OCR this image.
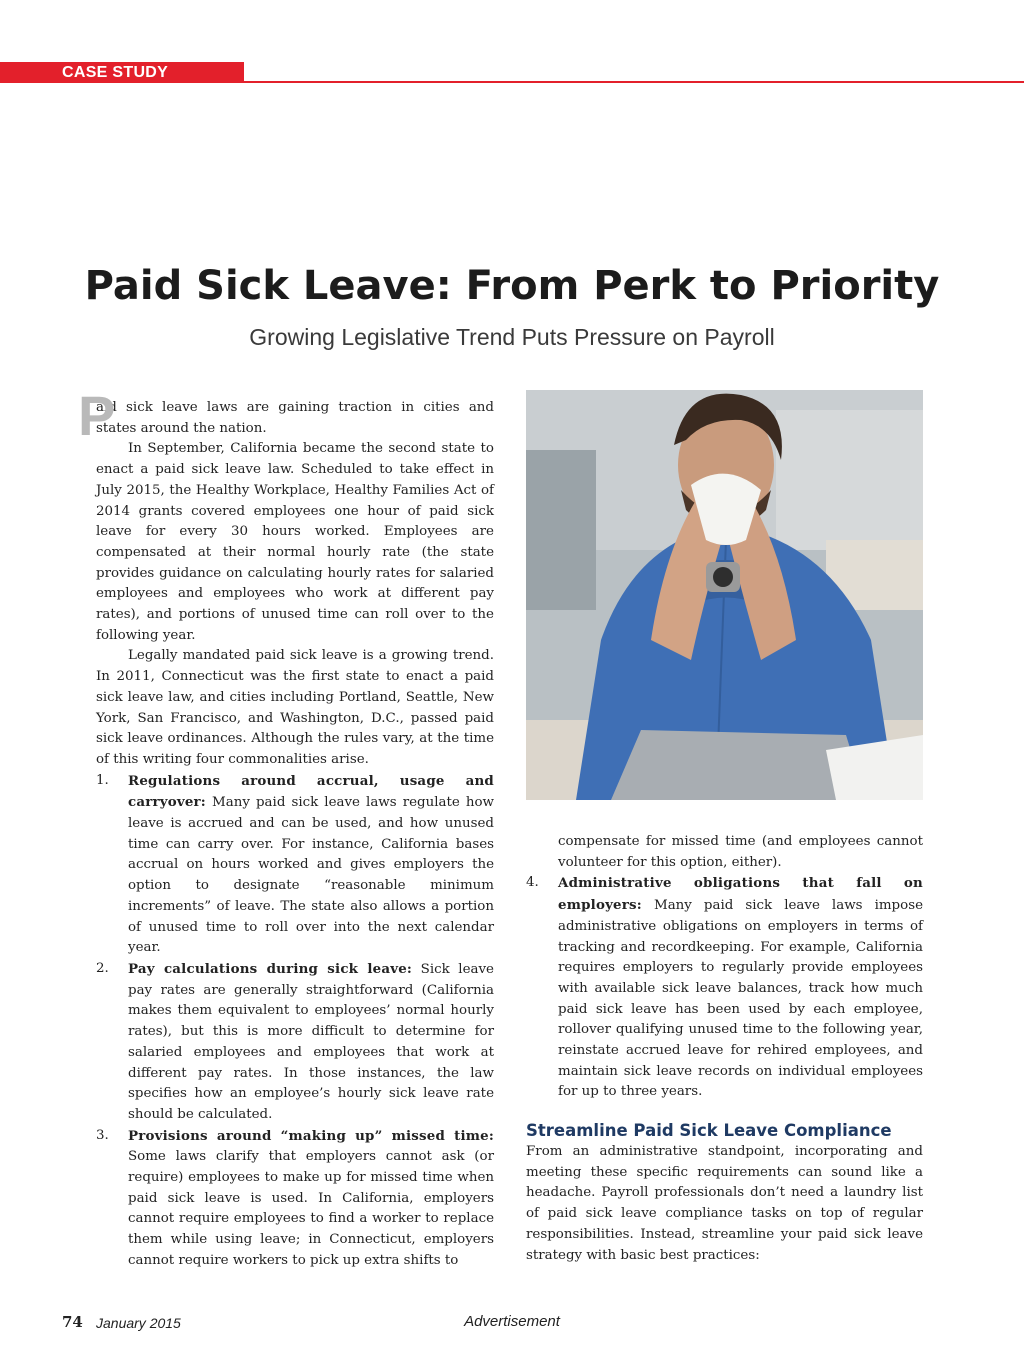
CASE STUDY
Paid Sick Leave: From Perk to Priority
Growing Legislative Trend Puts Pressure on Payroll

P
aid sick leave laws are gaining traction in cities and states around the nation.

In September, California became the second state to enact a paid sick leave law. Scheduled to take effect in July 2015, the Healthy Workplace, Healthy Families Act of 2014 grants covered employees one hour of paid sick leave for every 30 hours worked. Employees are compensated at their normal hourly rate (the state provides guidance on calculating hourly rates for salaried employees and employees who work at different pay rates), and portions of unused time can roll over to the following year.

Legally mandated paid sick leave is a growing trend. In 2011, Connecticut was the first state to enact a paid sick leave law, and cities including Portland, Seattle, New York, San Francisco, and Washington, D.C., passed paid sick leave ordinances. Although the rules vary, at the time of this writing four commonalities arise.

1. Regulations around accrual, usage and carryover: Many paid sick leave laws regulate how leave is accrued and can be used, and how unused time can carry over. For instance, California bases accrual on hours worked and gives employers the option to designate “reasonable minimum increments” of leave. The state also allows a portion of unused time to roll over into the next calendar year.
2. Pay calculations during sick leave: Sick leave pay rates are generally straightforward (California makes them equivalent to employees’ normal hourly rates), but this is more difficult to determine for salaried employees and employees that work at different pay rates. In those instances, the law specifies how an employee’s hourly sick leave rate should be calculated.
3. Provisions around “making up” missed time: Some laws clarify that employers cannot ask (or require) employees to make up for missed time when paid sick leave is used. In California, employers cannot require employees to find a worker to replace them while using leave; in Connecticut, employers cannot require workers to pick up extra shifts to

compensate for missed time (and employees cannot volunteer for this option, either).

4. Administrative obligations that fall on employers: Many paid sick leave laws impose administrative obligations on employers in terms of tracking and recordkeeping. For example, California requires employers to regularly provide employees with available sick leave balances, track how much paid sick leave has been used by each employee, rollover qualifying unused time to the following year, reinstate accrued leave for rehired employees, and maintain sick leave records on individual employees for up to three years.
Streamline Paid Sick Leave Compliance

From an administrative standpoint, incorporating and meeting these specific requirements can sound like a headache. Payroll professionals don’t need a laundry list of paid sick leave compliance tasks on top of regular responsibilities. Instead, streamline your paid sick leave strategy with basic best practices:

74 January 2015	Advertisement
